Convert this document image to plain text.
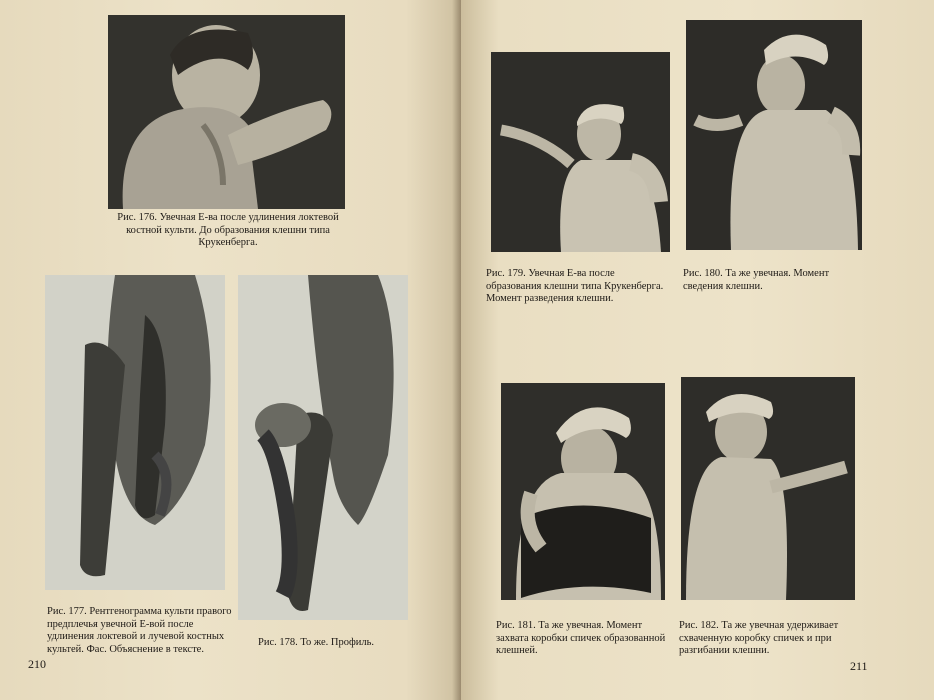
Рис. 176. Увечная Е-ва после удлинения локтевой костной культи. До образования клешни типа Крукенберга.
Рис. 177. Рентгенограмма культи правого предплечья увечной Е-вой после удлинения локтевой и лучевой костных культей. Фас. Объяснение в тексте.
Рис. 178. То же. Профиль.
210
Рис. 179. Увечная Е-ва после образования клешни типа Крукенберга. Момент разведения клешни.
Рис. 180. Та же увечная. Момент сведения клешни.
Рис. 181. Та же увечная. Момент захвата коробки спичек образованной клешней.
Рис. 182. Та же увечная удерживает схваченную коробку спичек и при разгибании клешни.
211
